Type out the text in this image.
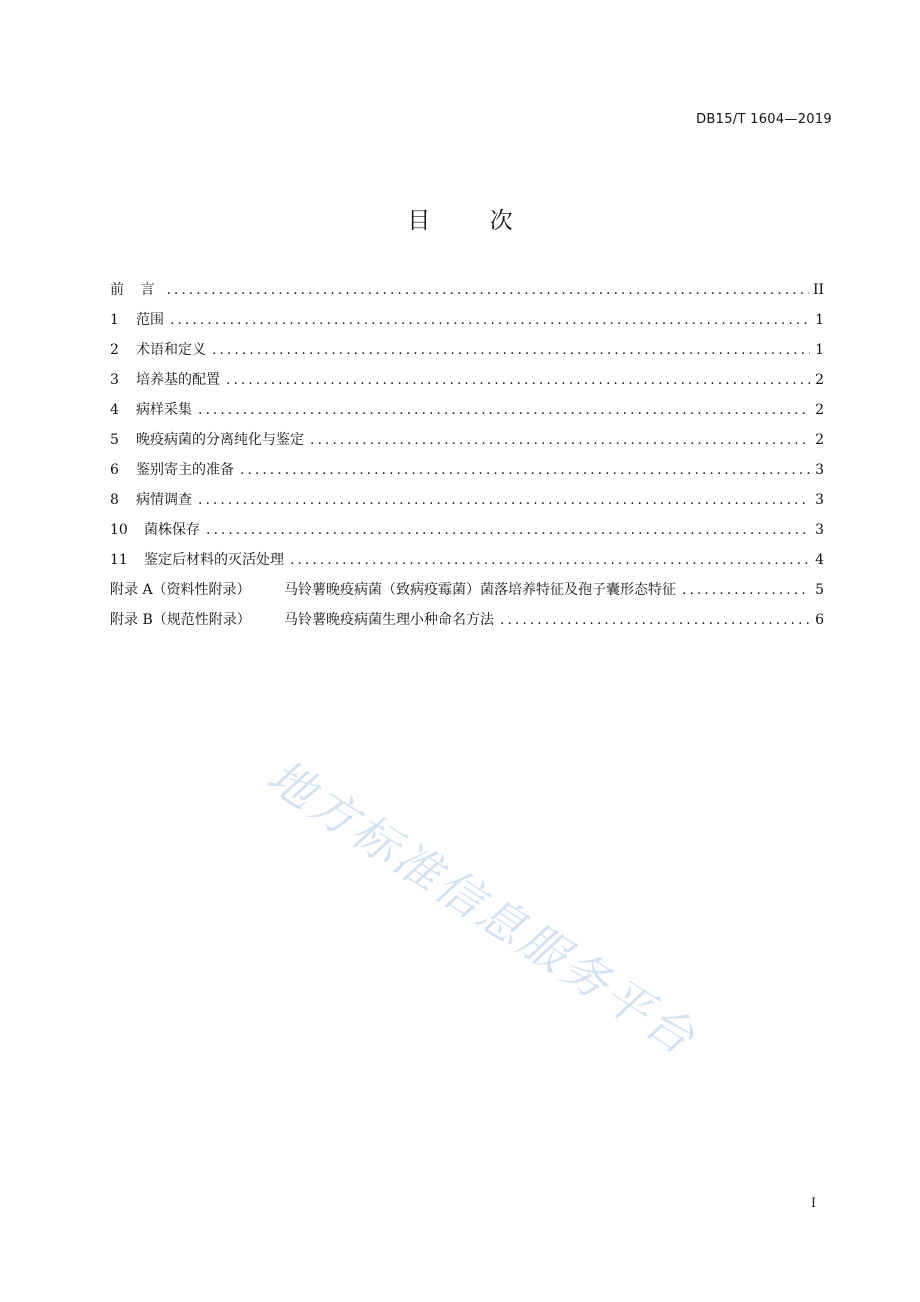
DB15/T 1604—2019
目 次
前 言 .....	II
1	范围 .....	1
2	术语和定义 .....	1
3	培养基的配置 .....	2
4	病样采集 .....	2
5	晚疫病菌的分离纯化与鉴定 .....	2
6	鉴别寄主的准备 .....	3
8	病情调查 .....	3
10	菌株保存 .....	3
11	鉴定后材料的灭活处理 .....	4
附录 A（资料性附录）	马铃薯晚疫病菌（致病疫霉菌）菌落培养特征及孢子囊形态特征 .....	5
附录 B（规范性附录）	马铃薯晚疫病菌生理小种命名方法 .....	6
地方标准信息服务平台
I
